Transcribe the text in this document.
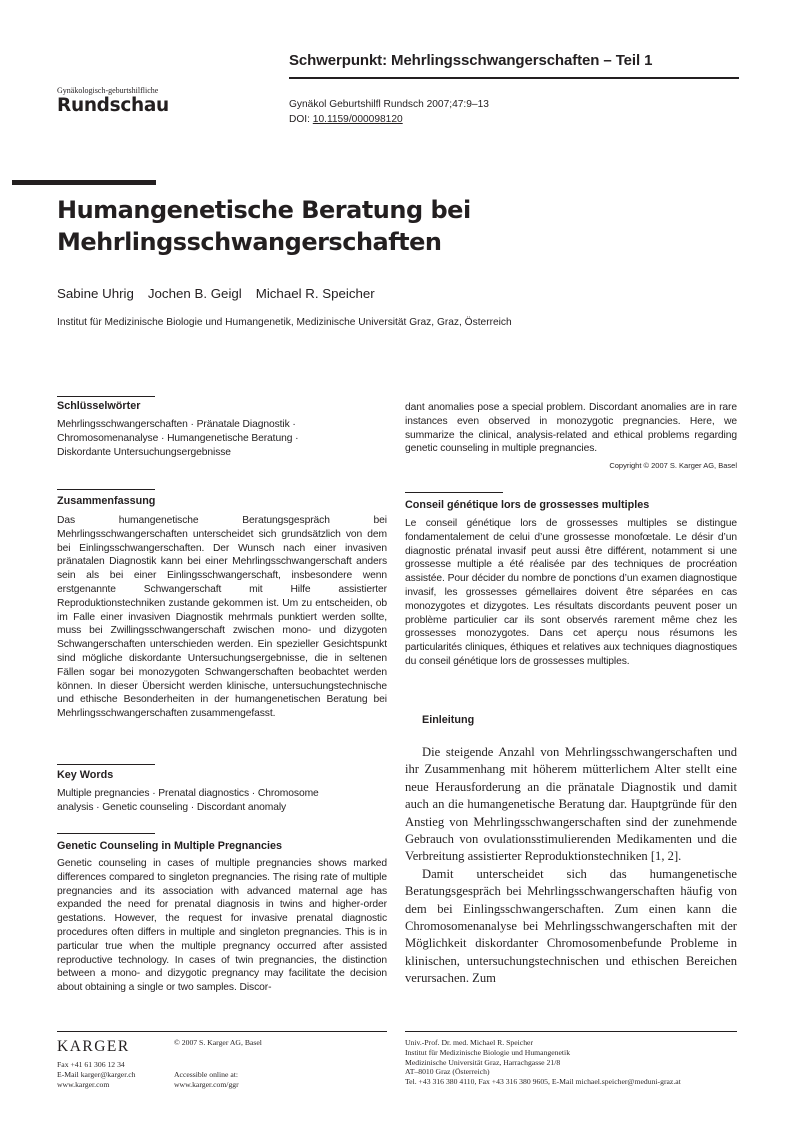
Gynäkologisch-geburtshilfliche
Rundschau
Schwerpunkt: Mehrlingsschwangerschaften – Teil 1
Gynäkol Geburtshilfl Rundsch 2007;47:9–13
DOI: 10.1159/000098120
Humangenetische Beratung bei
Mehrlingsschwangerschaften
Sabine Uhrig Jochen B. Geigl Michael R. Speicher
Institut für Medizinische Biologie und Humangenetik, Medizinische Universität Graz, Graz, Österreich
Schlüsselwörter
Mehrlingsschwangerschaften · Pränatale Diagnostik ·
Chromosomenanalyse · Humangenetische Beratung ·
Diskordante Untersuchungsergebnisse
Zusammenfassung
Das humangenetische Beratungsgespräch bei Mehrlingsschwangerschaften unterscheidet sich grundsätzlich von dem bei Einlingsschwangerschaften. Der Wunsch nach einer invasiven pränatalen Diagnostik kann bei einer Mehrlingsschwangerschaft anders sein als bei einer Einlingsschwangerschaft, insbesondere wenn erstgenannte Schwangerschaft mit Hilfe assistierter Reproduktionstechniken zustande gekommen ist. Um zu entscheiden, ob im Falle einer invasiven Diagnostik mehrmals punktiert werden sollte, muss bei Zwillingsschwangerschaft zwischen mono- und dizygoten Schwangerschaften unterschieden werden. Ein spezieller Gesichtspunkt sind mögliche diskordante Untersuchungsergebnisse, die in seltenen Fällen sogar bei monozygoten Schwangerschaften beobachtet werden können. In dieser Übersicht werden klinische, untersuchungstechnische und ethische Besonderheiten in der humangenetischen Beratung bei Mehrlingsschwangerschaften zusammengefasst.
Key Words
Multiple pregnancies · Prenatal diagnostics · Chromosome
analysis · Genetic counseling · Discordant anomaly
Genetic Counseling in Multiple Pregnancies
Genetic counseling in cases of multiple pregnancies shows marked differences compared to singleton pregnancies. The rising rate of multiple pregnancies and its association with advanced maternal age has expanded the need for prenatal diagnosis in twins and higher-order gestations. However, the request for invasive prenatal diagnostic procedures often differs in multiple and singleton pregnancies. This is in particular true when the multiple pregnancy occurred after assisted reproductive technology. In cases of twin pregnancies, the distinction between a mono- and dizygotic pregnancy may facilitate the decision about obtaining a single or two samples. Discor-
dant anomalies pose a special problem. Discordant anomalies are in rare instances even observed in monozygotic pregnancies. Here, we summarize the clinical, analysis-related and ethical problems regarding genetic counseling in multiple pregnancies.
Copyright © 2007 S. Karger AG, Basel
Conseil génétique lors de grossesses multiples
Le conseil génétique lors de grossesses multiples se distingue fondamentalement de celui d’une grossesse monofœtale. Le désir d’un diagnostic prénatal invasif peut aussi être différent, notamment si une grossesse multiple a été réalisée par des techniques de procréation assistée. Pour décider du nombre de ponctions d’un examen diagnostique invasif, les grossesses gémellaires doivent être séparées en cas monozygotes et dizygotes. Les résultats discordants peuvent poser un problème particulier car ils sont observés rarement même chez les grossesses monozygotes. Dans cet aperçu nous résumons les particularités cliniques, éthiques et relatives aux techniques diagnostiques du conseil génétique lors de grossesses multiples.
Einleitung

Die steigende Anzahl von Mehrlingsschwangerschaften und ihr Zusammenhang mit höherem mütterlichem Alter stellt eine neue Herausforderung an die pränatale Diagnostik und damit auch an die humangenetische Beratung dar. Hauptgründe für den Anstieg von Mehrlingsschwangerschaften sind der zunehmende Gebrauch von ovulationsstimulierenden Medikamenten und die Verbreitung assistierter Reproduktionstechniken [1, 2].

Damit unterscheidet sich das humangenetische Beratungsgespräch bei Mehrlingsschwangerschaften häufig von dem bei Einlingsschwangerschaften. Zum einen kann die Chromosomenanalyse bei Mehrlingsschwangerschaften mit der Möglichkeit diskordanter Chromosomenbefunde Probleme in klinischen, untersuchungstechnischen und ethischen Bereichen verursachen. Zum

KARGER
Fax +41 61 306 12 34
E-Mail karger@karger.ch
www.karger.com
© 2007 S. Karger AG, Basel
Accessible online at:
www.karger.com/ggr
Univ.-Prof. Dr. med. Michael R. Speicher
Institut für Medizinische Biologie und Humangenetik
Medizinische Universität Graz, Harrachgasse 21/8
AT–8010 Graz (Österreich)
Tel. +43 316 380 4110, Fax +43 316 380 9605, E-Mail michael.speicher@meduni-graz.at
